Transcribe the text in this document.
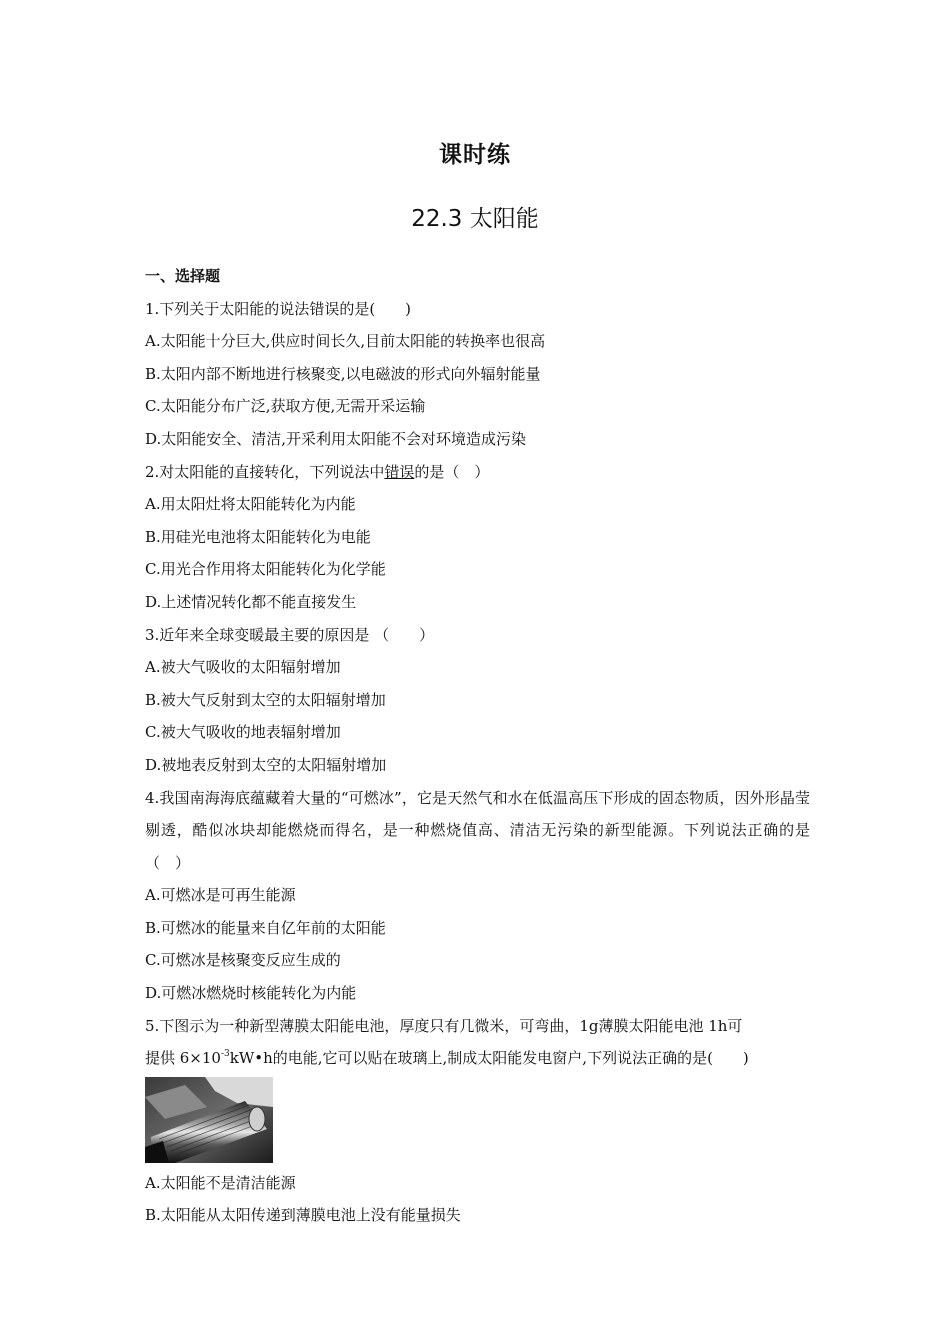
课时练
22.3 太阳能
一、选择题
1.下列关于太阳能的说法错误的是(　　)
A.太阳能十分巨大,供应时间长久,目前太阳能的转换率也很高
B.太阳内部不断地进行核聚变,以电磁波的形式向外辐射能量
C.太阳能分布广泛,获取方便,无需开采运输
D.太阳能安全、清洁,开采利用太阳能不会对环境造成污染
2.对太阳能的直接转化，下列说法中错误的是（　）
A.用太阳灶将太阳能转化为内能
B.用硅光电池将太阳能转化为电能
C.用光合作用将太阳能转化为化学能
D.上述情况转化都不能直接发生
3.近年来全球变暖最主要的原因是 （　　）
A.被大气吸收的太阳辐射增加
B.被大气反射到太空的太阳辐射增加
C.被大气吸收的地表辐射增加
D.被地表反射到太空的太阳辐射增加
4.我国南海海底蕴藏着大量的“可燃冰”，它是天然气和水在低温高压下形成的固态物质，因外形晶莹剔透，酷似冰块却能燃烧而得名，是一种燃烧值高、清洁无污染的新型能源。下列说法正确的是（　）
A.可燃冰是可再生能源
B.可燃冰的能量来自亿年前的太阳能
C.可燃冰是核聚变反应生成的
D.可燃冰燃烧时核能转化为内能
5.下图示为一种新型薄膜太阳能电池，厚度只有几微米，可弯曲，1g薄膜太阳能电池 1h可
提供 $6\times 10^{-3}kW•h$的电能,它可以贴在玻璃上,制成太阳能发电窗户,下列说法正确的是(　　)
A.太阳能不是清洁能源
B.太阳能从太阳传递到薄膜电池上没有能量损失
